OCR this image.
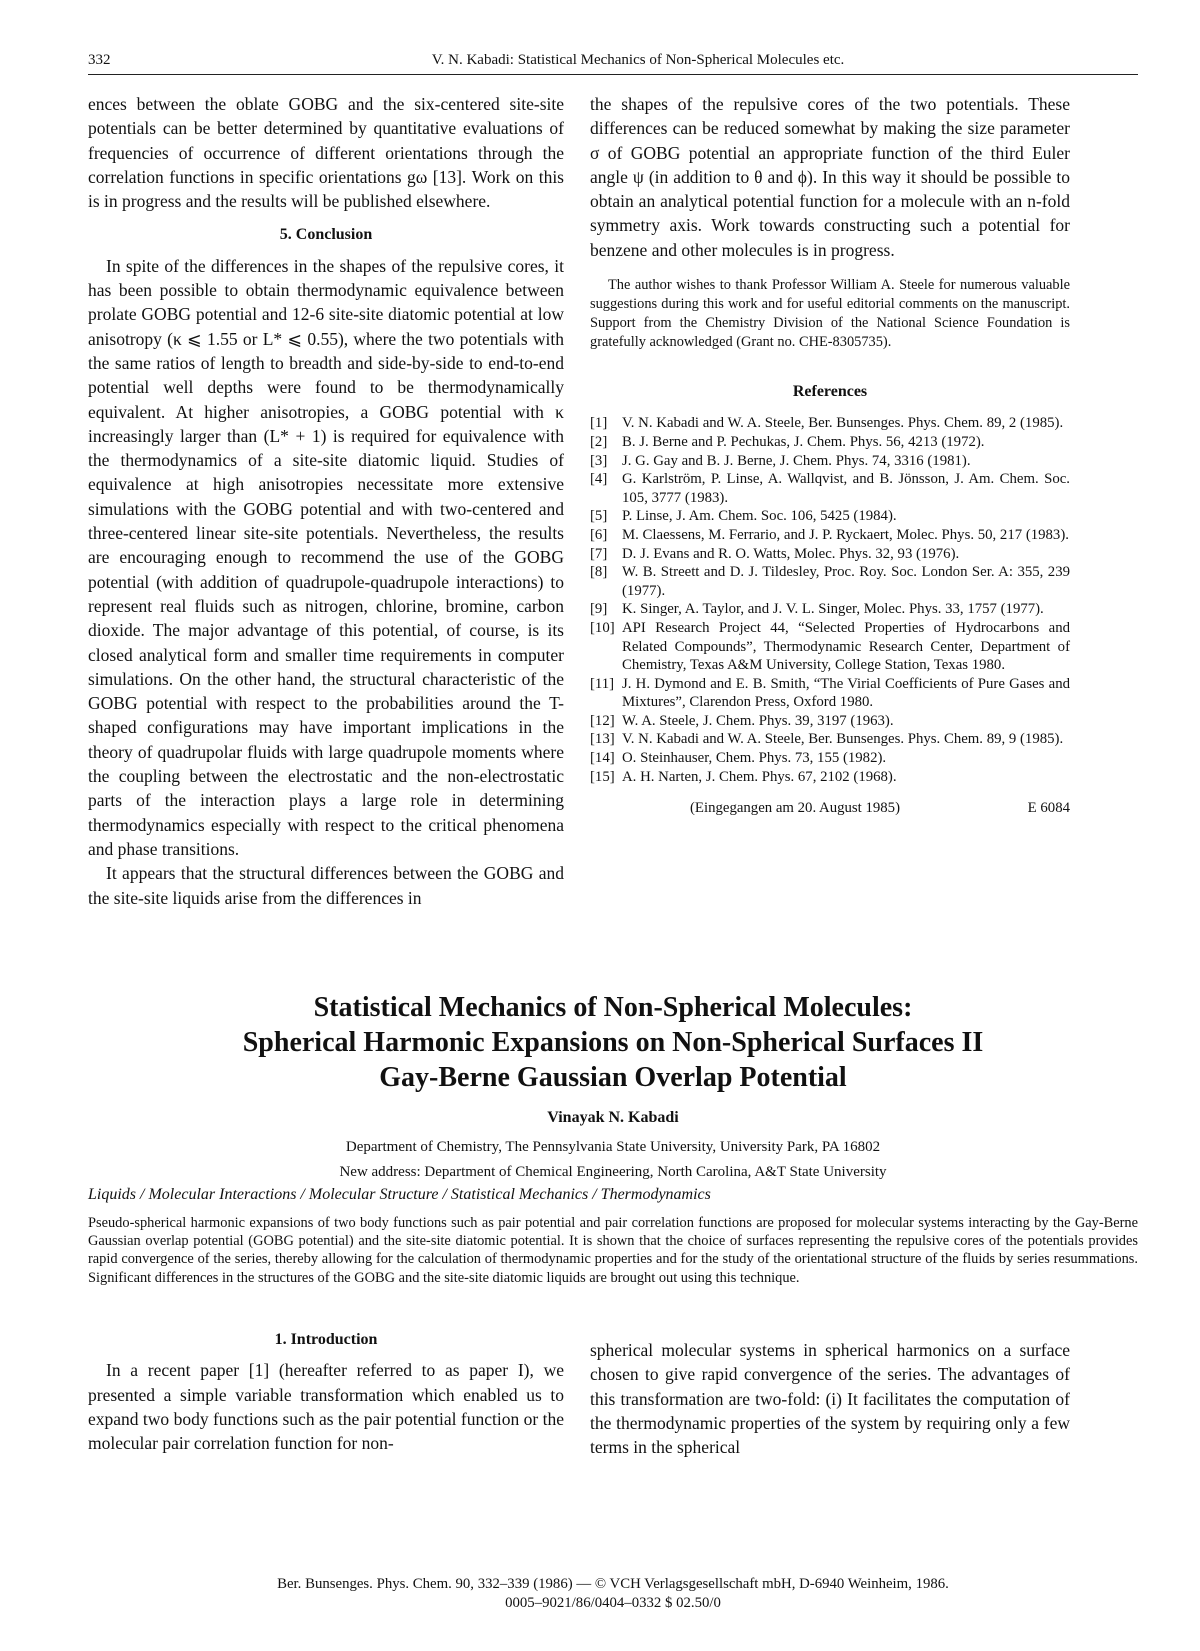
332	V. N. Kabadi: Statistical Mechanics of Non-Spherical Molecules etc.

ences between the oblate GOBG and the six-centered site-site potentials can be better determined by quantitative evaluations of frequencies of occurrence of different orientations through the correlation functions in specific orientations gω [13]. Work on this is in progress and the results will be published elsewhere.

5. Conclusion

In spite of the differences in the shapes of the repulsive cores, it has been possible to obtain thermodynamic equivalence between prolate GOBG potential and 12-6 site-site diatomic potential at low anisotropy (κ ⩽ 1.55 or L* ⩽ 0.55), where the two potentials with the same ratios of length to breadth and side-by-side to end-to-end potential well depths were found to be thermodynamically equivalent. At higher anisotropies, a GOBG potential with κ increasingly larger than (L* + 1) is required for equivalence with the thermodynamics of a site-site diatomic liquid. Studies of equivalence at high anisotropies necessitate more extensive simulations with the GOBG potential and with two-centered and three-centered linear site-site potentials. Nevertheless, the results are encouraging enough to recommend the use of the GOBG potential (with addition of quadrupole-quadrupole interactions) to represent real fluids such as nitrogen, chlorine, bromine, carbon dioxide. The major advantage of this potential, of course, is its closed analytical form and smaller time requirements in computer simulations. On the other hand, the structural characteristic of the GOBG potential with respect to the probabilities around the T-shaped configurations may have important implications in the theory of quadrupolar fluids with large quadrupole moments where the coupling between the electrostatic and the non-electrostatic parts of the interaction plays a large role in determining thermodynamics especially with respect to the critical phenomena and phase transitions.

It appears that the structural differences between the GOBG and the site-site liquids arise from the differences in

the shapes of the repulsive cores of the two potentials. These differences can be reduced somewhat by making the size parameter σ of GOBG potential an appropriate function of the third Euler angle ψ (in addition to θ and ϕ). In this way it should be possible to obtain an analytical potential function for a molecule with an n-fold symmetry axis. Work towards constructing such a potential for benzene and other molecules is in progress.

The author wishes to thank Professor William A. Steele for numerous valuable suggestions during this work and for useful editorial comments on the manuscript. Support from the Chemistry Division of the National Science Foundation is gratefully acknowledged (Grant no. CHE-8305735).

References
[1] V. N. Kabadi and W. A. Steele, Ber. Bunsenges. Phys. Chem. 89, 2 (1985).
[2] B. J. Berne and P. Pechukas, J. Chem. Phys. 56, 4213 (1972).
[3] J. G. Gay and B. J. Berne, J. Chem. Phys. 74, 3316 (1981).
[4] G. Karlström, P. Linse, A. Wallqvist, and B. Jönsson, J. Am. Chem. Soc. 105, 3777 (1983).
[5] P. Linse, J. Am. Chem. Soc. 106, 5425 (1984).
[6] M. Claessens, M. Ferrario, and J. P. Ryckaert, Molec. Phys. 50, 217 (1983).
[7] D. J. Evans and R. O. Watts, Molec. Phys. 32, 93 (1976).
[8] W. B. Streett and D. J. Tildesley, Proc. Roy. Soc. London Ser. A: 355, 239 (1977).
[9] K. Singer, A. Taylor, and J. V. L. Singer, Molec. Phys. 33, 1757 (1977).
[10] API Research Project 44, “Selected Properties of Hydrocarbons and Related Compounds”, Thermodynamic Research Center, Department of Chemistry, Texas A&M University, College Station, Texas 1980.
[11] J. H. Dymond and E. B. Smith, “The Virial Coefficients of Pure Gases and Mixtures”, Clarendon Press, Oxford 1980.
[12] W. A. Steele, J. Chem. Phys. 39, 3197 (1963).
[13] V. N. Kabadi and W. A. Steele, Ber. Bunsenges. Phys. Chem. 89, 9 (1985).
[14] O. Steinhauser, Chem. Phys. 73, 155 (1982).
[15] A. H. Narten, J. Chem. Phys. 67, 2102 (1968).
(Eingegangen am 20. August 1985)	E 6084
Statistical Mechanics of Non-Spherical Molecules:
Spherical Harmonic Expansions on Non-Spherical Surfaces II
Gay-Berne Gaussian Overlap Potential
Vinayak N. Kabadi
Department of Chemistry, The Pennsylvania State University, University Park, PA 16802
New address: Department of Chemical Engineering, North Carolina, A&T State University
Liquids / Molecular Interactions / Molecular Structure / Statistical Mechanics / Thermodynamics
Pseudo-spherical harmonic expansions of two body functions such as pair potential and pair correlation functions are proposed for molecular systems interacting by the Gay-Berne Gaussian overlap potential (GOBG potential) and the site-site diatomic potential. It is shown that the choice of surfaces representing the repulsive cores of the potentials provides rapid convergence of the series, thereby allowing for the calculation of thermodynamic properties and for the study of the orientational structure of the fluids by series resummations. Significant differences in the structures of the GOBG and the site-site diatomic liquids are brought out using this technique.
1. Introduction

In a recent paper [1] (hereafter referred to as paper I), we presented a simple variable transformation which enabled us to expand two body functions such as the pair potential function or the molecular pair correlation function for non-

spherical molecular systems in spherical harmonics on a surface chosen to give rapid convergence of the series. The advantages of this transformation are two-fold: (i) It facilitates the computation of the thermodynamic properties of the system by requiring only a few terms in the spherical

Ber. Bunsenges. Phys. Chem. 90, 332–339 (1986) — © VCH Verlagsgesellschaft mbH, D-6940 Weinheim, 1986.
0005–9021/86/0404–0332 $ 02.50/0
